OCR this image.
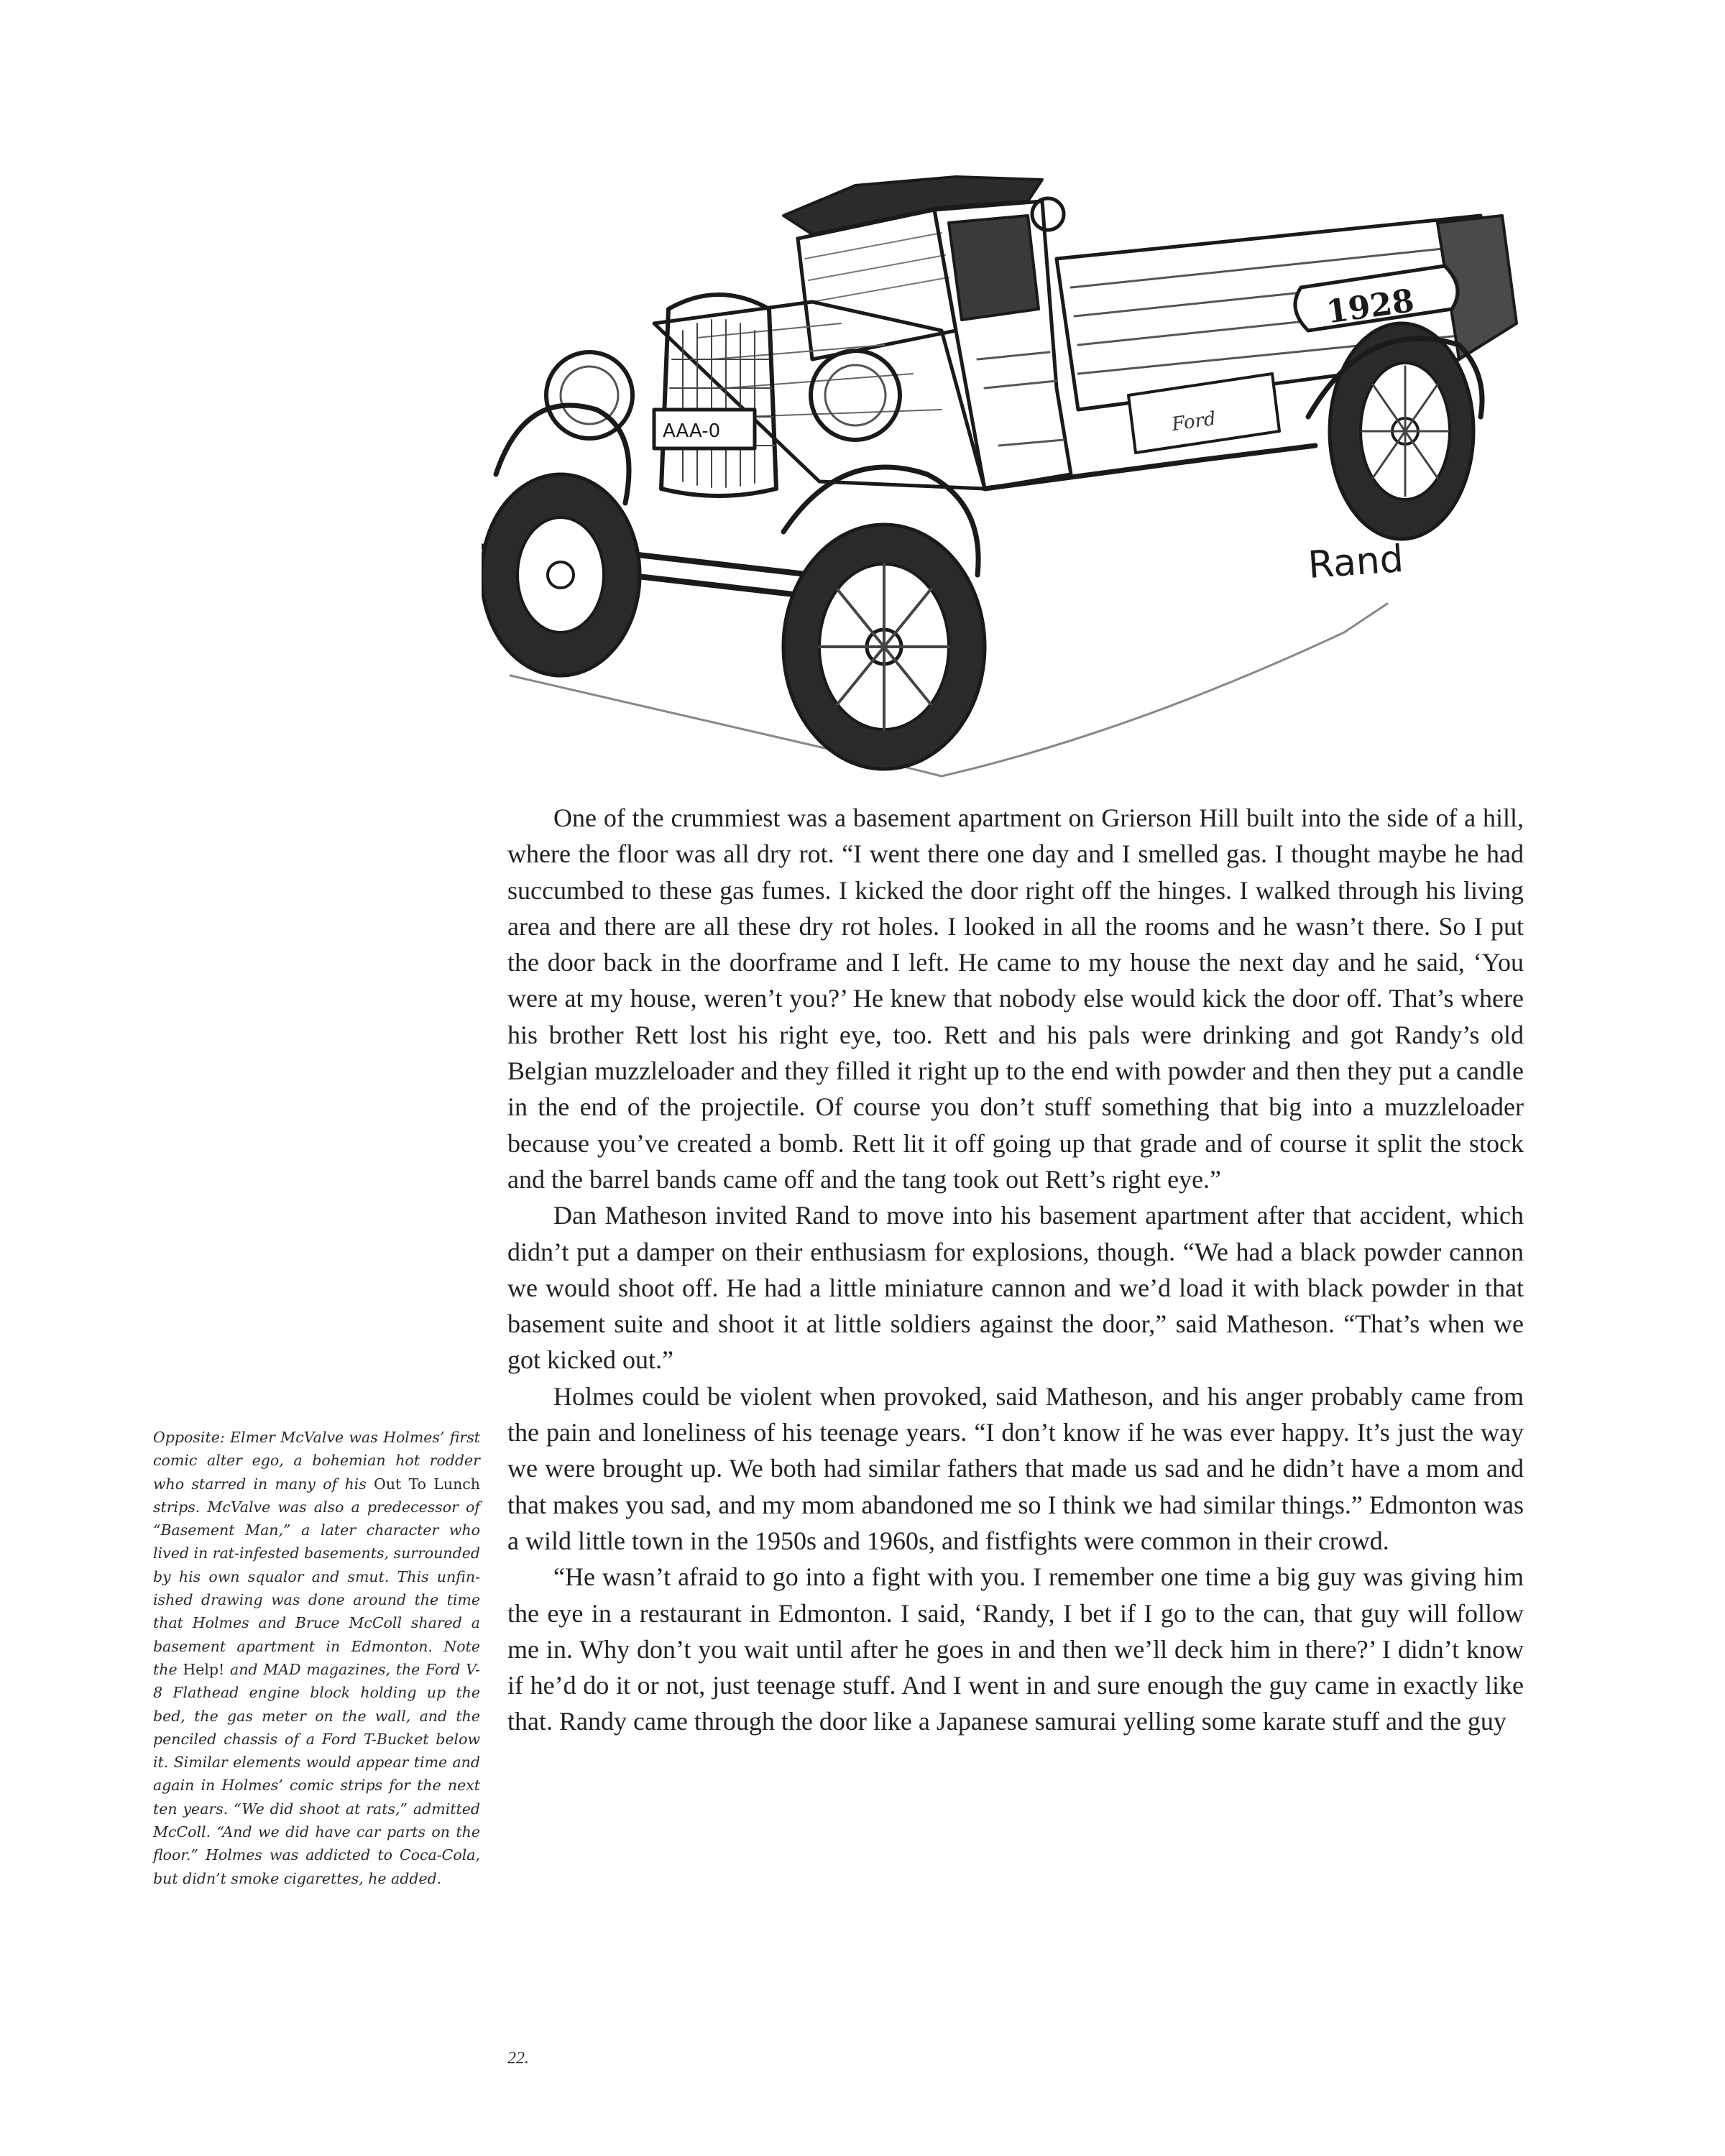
1928
AAA-0	Ford
Rand
Opposite: Elmer McValve was Holmes’ first comic alter ego, a bohemian hot rodder who starred in many of his Out To Lunch strips. McValve was also a predecessor of “Basement Man,” a later character who lived in rat-infested basements, surrounded by his own squalor and smut. This unfinished drawing was done around the time that Holmes and Bruce McColl shared a basement apartment in Edmonton. Note the Help! and MAD magazines, the Ford V-8 Flathead engine block holding up the bed, the gas meter on the wall, and the penciled chassis of a Ford T-Bucket below it. Similar elements would appear time and again in Holmes’ comic strips for the next ten years. “We did shoot at rats,” admitted McColl. “And we did have car parts on the floor.” Holmes was addicted to Coca-Cola, but didn’t smoke cigarettes, he added.

One of the crummiest was a basement apartment on Grierson Hill built into the side of a hill, where the floor was all dry rot. “I went there one day and I smelled gas. I thought maybe he had succumbed to these gas fumes. I kicked the door right off the hinges. I walked through his living area and there are all these dry rot holes. I looked in all the rooms and he wasn’t there. So I put the door back in the doorframe and I left. He came to my house the next day and he said, ‘You were at my house, weren’t you?’ He knew that nobody else would kick the door off. That’s where his brother Rett lost his right eye, too. Rett and his pals were drinking and got Randy’s old Belgian muzzleloader and they filled it right up to the end with powder and then they put a candle in the end of the projectile. Of course you don’t stuff something that big into a muzzleloader because you’ve created a bomb. Rett lit it off going up that grade and of course it split the stock and the barrel bands came off and the tang took out Rett’s right eye.”

Dan Matheson invited Rand to move into his basement apartment after that accident, which didn’t put a damper on their enthusiasm for explosions, though. “We had a black powder cannon we would shoot off. He had a little miniature cannon and we’d load it with black powder in that basement suite and shoot it at little soldiers against the door,” said Matheson. “That’s when we got kicked out.”

Holmes could be violent when provoked, said Matheson, and his anger probably came from the pain and loneliness of his teenage years. “I don’t know if he was ever happy. It’s just the way we were brought up. We both had similar fathers that made us sad and he didn’t have a mom and that makes you sad, and my mom abandoned me so I think we had similar things.” Edmonton was a wild little town in the 1950s and 1960s, and fistfights were common in their crowd.

“He wasn’t afraid to go into a fight with you. I remember one time a big guy was giving him the eye in a restaurant in Edmonton. I said, ‘Randy, I bet if I go to the can, that guy will follow me in. Why don’t you wait until after he goes in and then we’ll deck him in there?’ I didn’t know if he’d do it or not, just teenage stuff. And I went in and sure enough the guy came in exactly like that. Randy came through the door like a Japanese samurai yelling some karate stuff and the guy

22.
